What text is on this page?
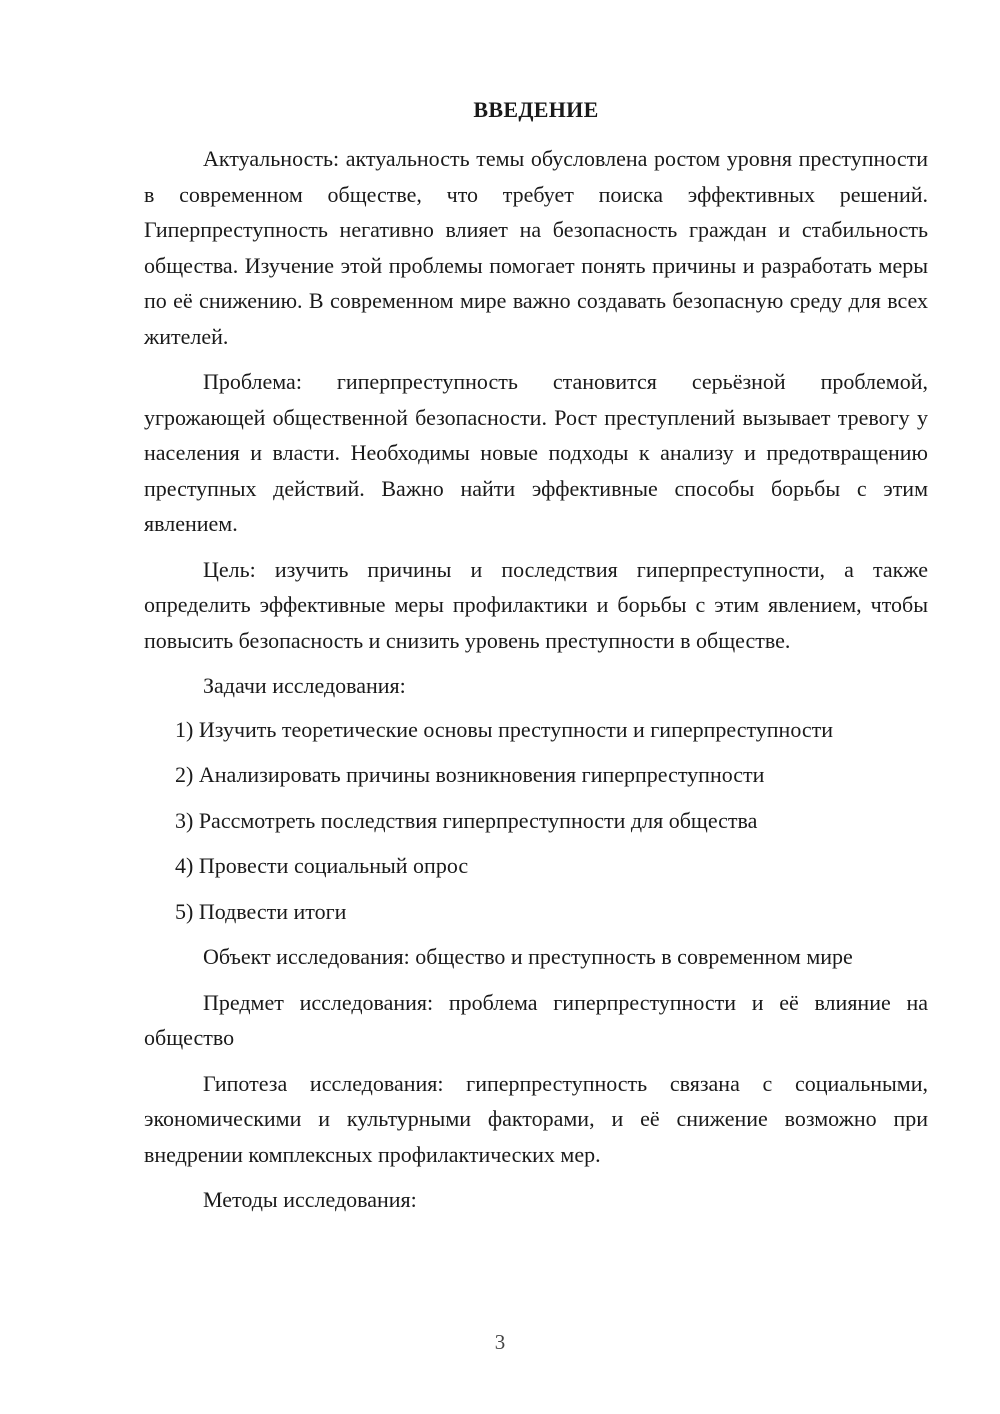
ВВЕДЕНИЕ

Актуальность: актуальность темы обусловлена ростом уровня преступности в современном обществе, что требует поиска эффективных решений. Гиперпреступность негативно влияет на безопасность граждан и стабильность общества. Изучение этой проблемы помогает понять причины и разработать меры по её снижению. В современном мире важно создавать безопасную среду для всех жителей.

Проблема: гиперпреступность становится серьёзной проблемой, угрожающей общественной безопасности. Рост преступлений вызывает тревогу у населения и власти. Необходимы новые подходы к анализу и предотвращению преступных действий. Важно найти эффективные способы борьбы с этим явлением.

Цель: изучить причины и последствия гиперпреступности, а также определить эффективные меры профилактики и борьбы с этим явлением, чтобы повысить безопасность и снизить уровень преступности в обществе.

Задачи исследования:

1) Изучить теоретические основы преступности и гиперпреступности
2) Анализировать причины возникновения гиперпреступности
3) Рассмотреть последствия гиперпреступности для общества
4) Провести социальный опрос
5) Подвести итоги

Объект исследования: общество и преступность в современном мире

Предмет исследования: проблема гиперпреступности и её влияние на общество

Гипотеза исследования: гиперпреступность связана с социальными, экономическими и культурными факторами, и её снижение возможно при внедрении комплексных профилактических мер.

Методы исследования:

3
